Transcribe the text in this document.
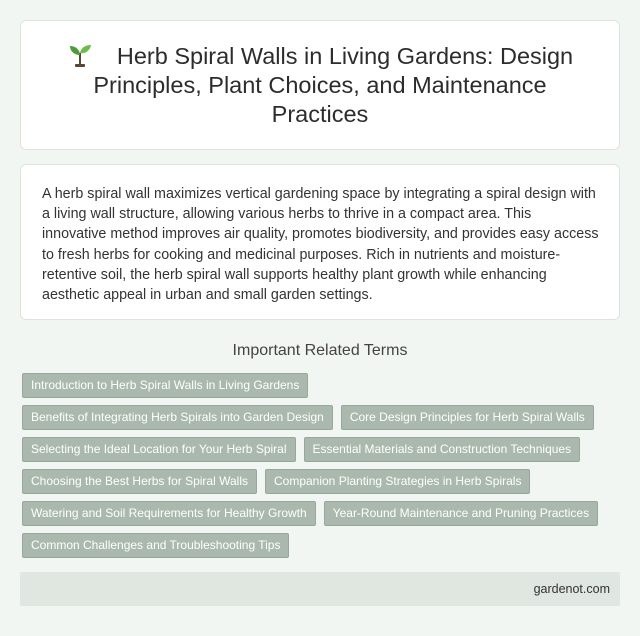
Herb Spiral Walls in Living Gardens: Design Principles, Plant Choices, and Maintenance Practices

A herb spiral wall maximizes vertical gardening space by integrating a spiral design with a living wall structure, allowing various herbs to thrive in a compact area. This innovative method improves air quality, promotes biodiversity, and provides easy access to fresh herbs for cooking and medicinal purposes. Rich in nutrients and moisture-retentive soil, the herb spiral wall supports healthy plant growth while enhancing aesthetic appeal in urban and small garden settings.

Important Related Terms
Introduction to Herb Spiral Walls in Living Gardens
Benefits of Integrating Herb Spirals into Garden Design	Core Design Principles for Herb Spiral Walls
Selecting the Ideal Location for Your Herb Spiral	Essential Materials and Construction Techniques
Choosing the Best Herbs for Spiral Walls	Companion Planting Strategies in Herb Spirals
Watering and Soil Requirements for Healthy Growth	Year-Round Maintenance and Pruning Practices
Common Challenges and Troubleshooting Tips
gardenot.com
